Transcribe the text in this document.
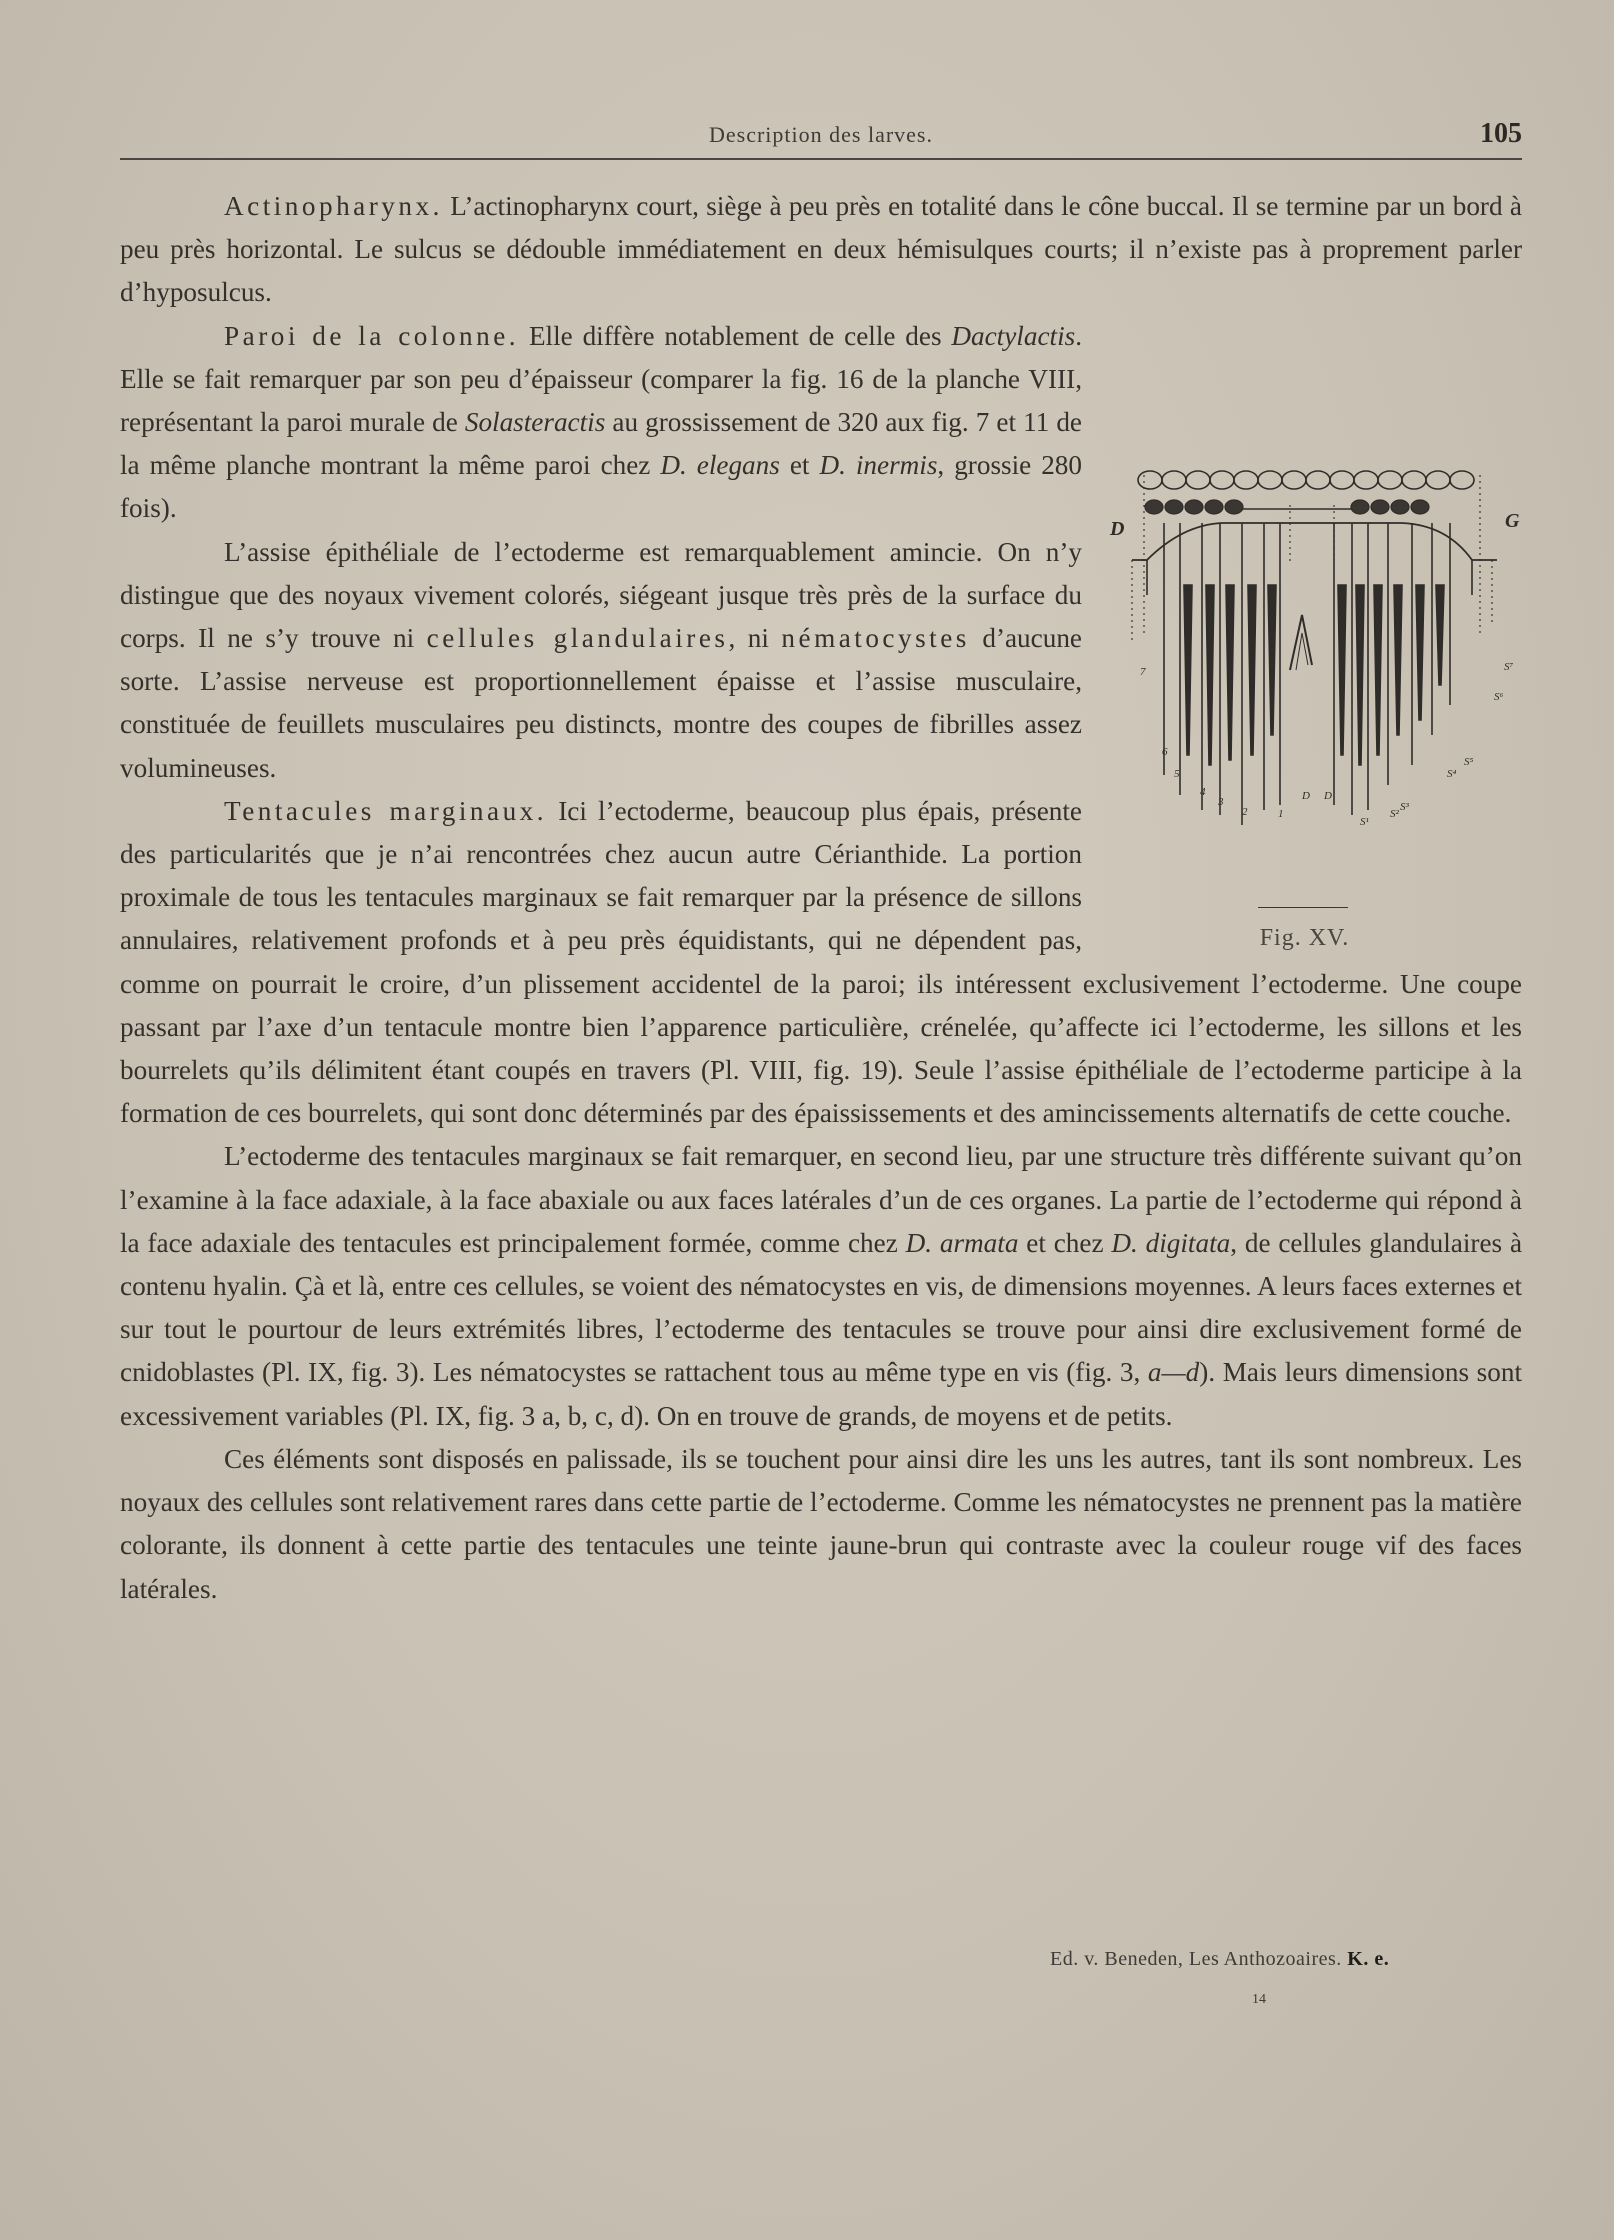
Description des larves.	105

Actinopharynx. L’actinopharynx court, siège à peu près en totalité dans le cône buccal. Il se termine par un bord à peu près horizontal. Le sulcus se dédouble immédiatement en deux hémisulques courts; il n’existe pas à proprement parler d’hyposulcus.

D	G
S⁷
S⁶
S⁵
S⁴
S³
S²
S¹
7
6
5
4
3
2	1
D D
Fig. XV.

Paroi de la colonne. Elle diffère notablement de celle des Dactylactis. Elle se fait remarquer par son peu d’épaisseur (comparer la fig. 16 de la planche VIII, représentant la paroi murale de Solasteractis au grossissement de 320 aux fig. 7 et 11 de la même planche montrant la même paroi chez D. elegans et D. inermis, grossie 280 fois).

L’assise épithéliale de l’ectoderme est remarquablement amincie. On n’y distingue que des noyaux vivement colorés, siégeant jusque très près de la surface du corps. Il ne s’y trouve ni cellules glandulaires, ni nématocystes d’aucune sorte. L’assise nerveuse est proportionnellement épaisse et l’assise musculaire, constituée de feuillets musculaires peu distincts, montre des coupes de fibrilles assez volumineuses.

Tentacules marginaux. Ici l’ectoderme, beaucoup plus épais, présente des particularités que je n’ai rencontrées chez aucun autre Cérianthide. La portion proximale de tous les tentacules marginaux se fait remarquer par la présence de sillons annulaires, relativement profonds et à peu près équidistants, qui ne dépendent pas, comme on pourrait le croire, d’un plissement accidentel de la paroi; ils intéressent exclusivement l’ectoderme. Une coupe passant par l’axe d’un tentacule montre bien l’apparence particulière, crénelée, qu’affecte ici l’ectoderme, les sillons et les bourrelets qu’ils délimitent étant coupés en travers (Pl. VIII, fig. 19). Seule l’assise épithéliale de l’ectoderme participe à la formation de ces bourrelets, qui sont donc déterminés par des épaississements et des amincissements alternatifs de cette couche.

L’ectoderme des tentacules marginaux se fait remarquer, en second lieu, par une structure très différente suivant qu’on l’examine à la face adaxiale, à la face abaxiale ou aux faces latérales d’un de ces organes. La partie de l’ectoderme qui répond à la face adaxiale des tentacules est principalement formée, comme chez D. armata et chez D. digitata, de cellules glandulaires à contenu hyalin. Çà et là, entre ces cellules, se voient des nématocystes en vis, de dimensions moyennes. A leurs faces externes et sur tout le pourtour de leurs extrémités libres, l’ectoderme des tentacules se trouve pour ainsi dire exclusivement formé de cnidoblastes (Pl. IX, fig. 3). Les nématocystes se rattachent tous au même type en vis (fig. 3, a—d). Mais leurs dimensions sont excessivement variables (Pl. IX, fig. 3 a, b, c, d). On en trouve de grands, de moyens et de petits.

Ces éléments sont disposés en palissade, ils se touchent pour ainsi dire les uns les autres, tant ils sont nombreux. Les noyaux des cellules sont relativement rares dans cette partie de l’ectoderme. Comme les nématocystes ne prennent pas la matière colorante, ils donnent à cette partie des tentacules une teinte jaune-brun qui contraste avec la couleur rouge vif des faces latérales.

Ed. v. Beneden, Les Anthozoaires. K. e.
14
